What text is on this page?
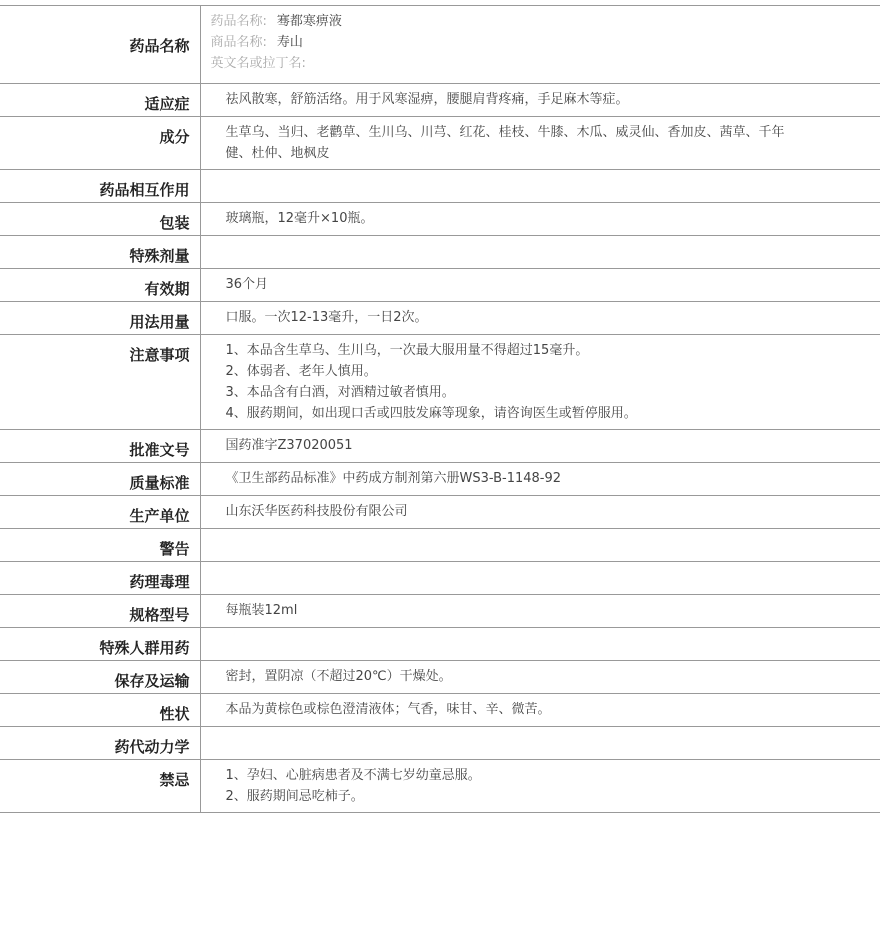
药品名称	药品名称: 骞都寒痹液
商品名称: 寿山
英文名或拉丁名:

适应症	祛风散寒，舒筋活络。用于风寒湿痹，腰腿肩背疼痛，手足麻木等症。
成分	生草乌、当归、老鹳草、生川乌、川芎、红花、桂枝、牛膝、木瓜、威灵仙、香加皮、茜草、千年健、杜仲、地枫皮

药品相互作用	
包装	玻璃瓶，12毫升×10瓶。
特殊剂量	
有效期	36个月
用法用量	口服。一次12-13毫升，一日2次。
注意事项	1、本品含生草乌、生川乌，一次最大服用量不得超过15毫升。
2、体弱者、老年人慎用。
3、本品含有白酒，对酒精过敏者慎用。
4、服药期间，如出现口舌或四肢发麻等现象，请咨询医生或暂停服用。

批准文号	国药准字Z37020051
质量标准	《卫生部药品标准》中药成方制剂第六册WS3-B-1148-92
生产单位	山东沃华医药科技股份有限公司
警告	
药理毒理	
规格型号	每瓶装12ml
特殊人群用药	
保存及运输	密封，置阴凉（不超过20℃）干燥处。
性状	本品为黄棕色或棕色澄清液体；气香，味甘、辛、微苦。
药代动力学	
禁忌	1、孕妇、心脏病患者及不满七岁幼童忌服。
2、服药期间忌吃柿子。
